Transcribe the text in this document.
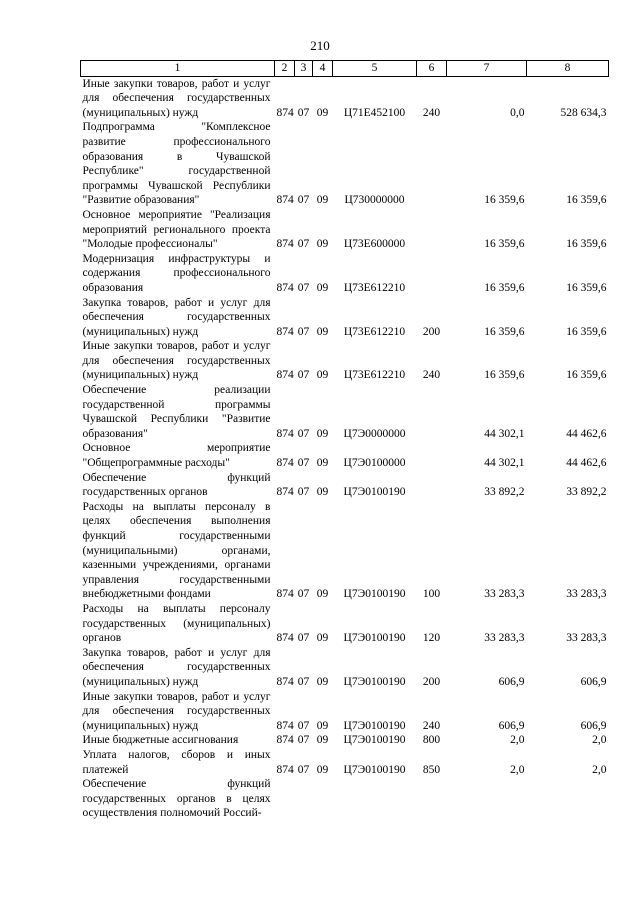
210
1	2	3	4	5	6	7	8
Иные закупки товаров, работ и услуг для обеспечения государственных (муниципальных) нужд	874	07	09	Ц71Е452100	240	0,0	528 634,3
Подпрограмма "Комплексное развитие профессионального образования в Чувашской Республике" государственной программы Чувашской Республики "Развитие образования"	874	07	09	Ц730000000		16 359,6	16 359,6
Основное мероприятие "Реализация мероприятий регионального проекта "Молодые профессионалы"	874	07	09	Ц73Е600000		16 359,6	16 359,6
Модернизация инфраструктуры и содержания профессионального образования	874	07	09	Ц73Е612210		16 359,6	16 359,6
Закупка товаров, работ и услуг для обеспечения государственных (муниципальных) нужд	874	07	09	Ц73Е612210	200	16 359,6	16 359,6
Иные закупки товаров, работ и услуг для обеспечения государственных (муниципальных) нужд	874	07	09	Ц73Е612210	240	16 359,6	16 359,6
Обеспечение реализации государственной программы Чувашской Республики "Развитие образования"	874	07	09	Ц7Э0000000		44 302,1	44 462,6
Основное мероприятие "Общепрограммные расходы"	874	07	09	Ц7Э0100000		44 302,1	44 462,6
Обеспечение функций государственных органов	874	07	09	Ц7Э0100190		33 892,2	33 892,2
Расходы на выплаты персоналу в целях обеспечения выполнения функций государственными (муниципальными) органами, казенными учреждениями, органами управления государственными внебюджетными фондами	874	07	09	Ц7Э0100190	100	33 283,3	33 283,3
Расходы на выплаты персоналу государственных (муниципальных) органов	874	07	09	Ц7Э0100190	120	33 283,3	33 283,3
Закупка товаров, работ и услуг для обеспечения государственных (муниципальных) нужд	874	07	09	Ц7Э0100190	200	606,9	606,9
Иные закупки товаров, работ и услуг для обеспечения государственных (муниципальных) нужд	874	07	09	Ц7Э0100190	240	606,9	606,9
Иные бюджетные ассигнования	874	07	09	Ц7Э0100190	800	2,0	2,0
Уплата налогов, сборов и иных платежей	874	07	09	Ц7Э0100190	850	2,0	2,0
Обеспечение функций государственных органов в целях осуществления полномочий Россий-							
